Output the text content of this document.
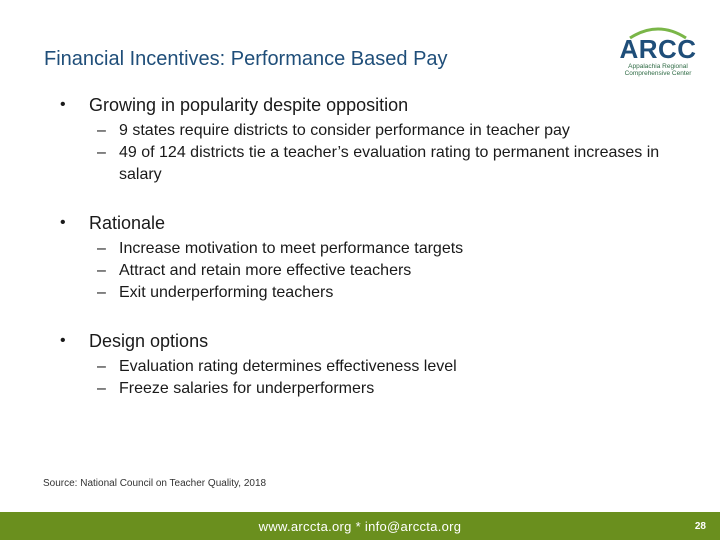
Financial Incentives: Performance Based Pay	ARCC
Appalachia Regional
Comprehensive Center
• Growing in popularity despite opposition
– 9 states require districts to consider performance in teacher pay
– 49 of 124 districts tie a teacher’s evaluation rating to permanent increases in salary
• Rationale
– Increase motivation to meet performance targets
– Attract and retain more effective teachers
– Exit underperforming teachers
• Design options
– Evaluation rating determines effectiveness level
– Freeze salaries for underperformers
Source: National Council on Teacher Quality, 2018
www.arccta.org * info@arccta.org	28
